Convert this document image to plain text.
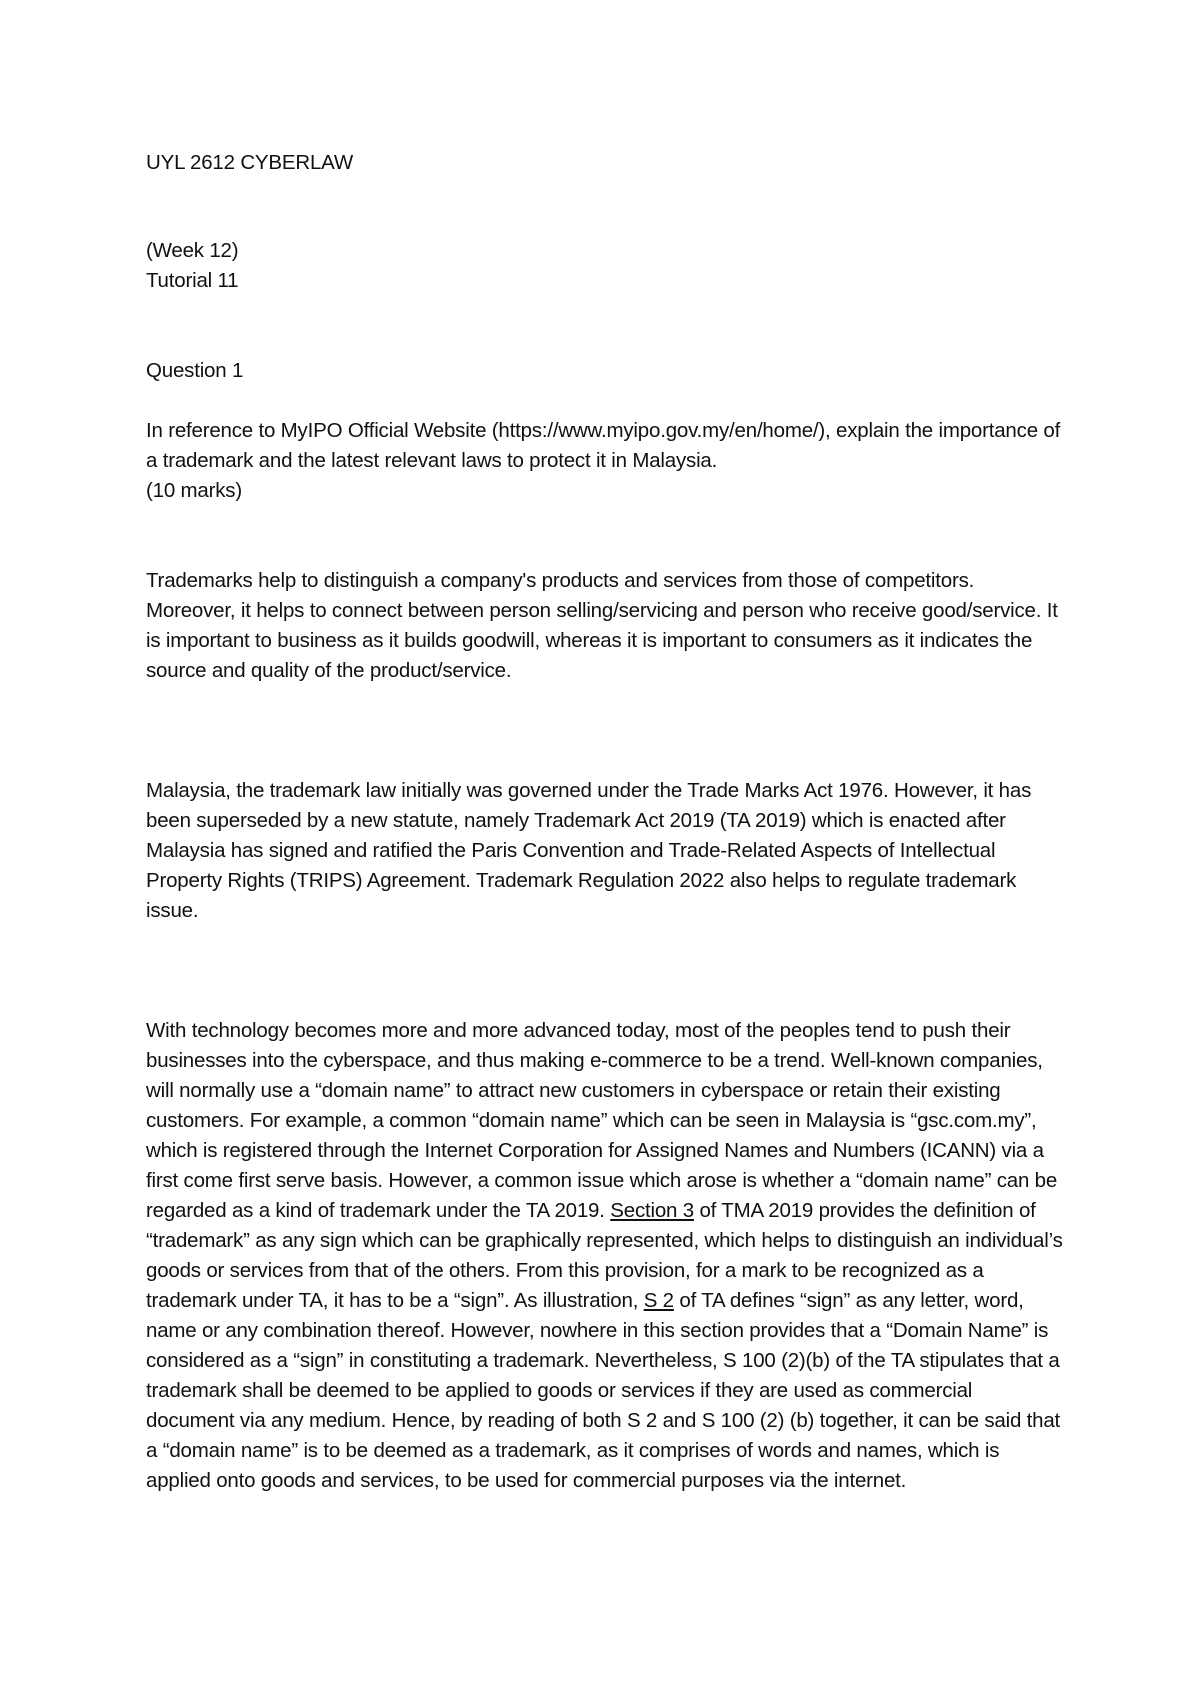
UYL 2612 CYBERLAW

(Week 12)
Tutorial 11

Question 1

In reference to MyIPO Official Website (https://www.myipo.gov.my/en/home/), explain the importance of a trademark and the latest relevant laws to protect it in Malaysia.
(10 marks)

Trademarks help to distinguish a company's products and services from those of competitors. Moreover, it helps to connect between person selling/servicing and person who receive good/service. It is important to business as it builds goodwill, whereas it is important to consumers as it indicates the source and quality of the product/service.

Malaysia, the trademark law initially was governed under the Trade Marks Act 1976. However, it has been superseded by a new statute, namely Trademark Act 2019 (TA 2019) which is enacted after Malaysia has signed and ratified the Paris Convention and Trade-Related Aspects of Intellectual Property Rights (TRIPS) Agreement. Trademark Regulation 2022 also helps to regulate trademark issue.

With technology becomes more and more advanced today, most of the peoples tend to push their businesses into the cyberspace, and thus making e-commerce to be a trend. Well-known companies, will normally use a “domain name” to attract new customers in cyberspace or retain their existing customers. For example, a common “domain name” which can be seen in Malaysia is “gsc.com.my”, which is registered through the Internet Corporation for Assigned Names and Numbers (ICANN) via a first come first serve basis. However, a common issue which arose is whether a “domain name” can be regarded as a kind of trademark under the TA 2019. Section 3 of TMA 2019 provides the definition of “trademark” as any sign which can be graphically represented, which helps to distinguish an individual’s goods or services from that of the others. From this provision, for a mark to be recognized as a trademark under TA, it has to be a “sign”. As illustration, S 2 of TA defines “sign” as any letter, word, name or any combination thereof. However, nowhere in this section provides that a “Domain Name” is considered as a “sign” in constituting a trademark. Nevertheless, S 100 (2)(b) of the TA stipulates that a trademark shall be deemed to be applied to goods or services if they are used as commercial document via any medium. Hence, by reading of both S 2 and S 100 (2) (b) together, it can be said that a “domain name” is to be deemed as a trademark, as it comprises of words and names, which is applied onto goods and services, to be used for commercial purposes via the internet.
